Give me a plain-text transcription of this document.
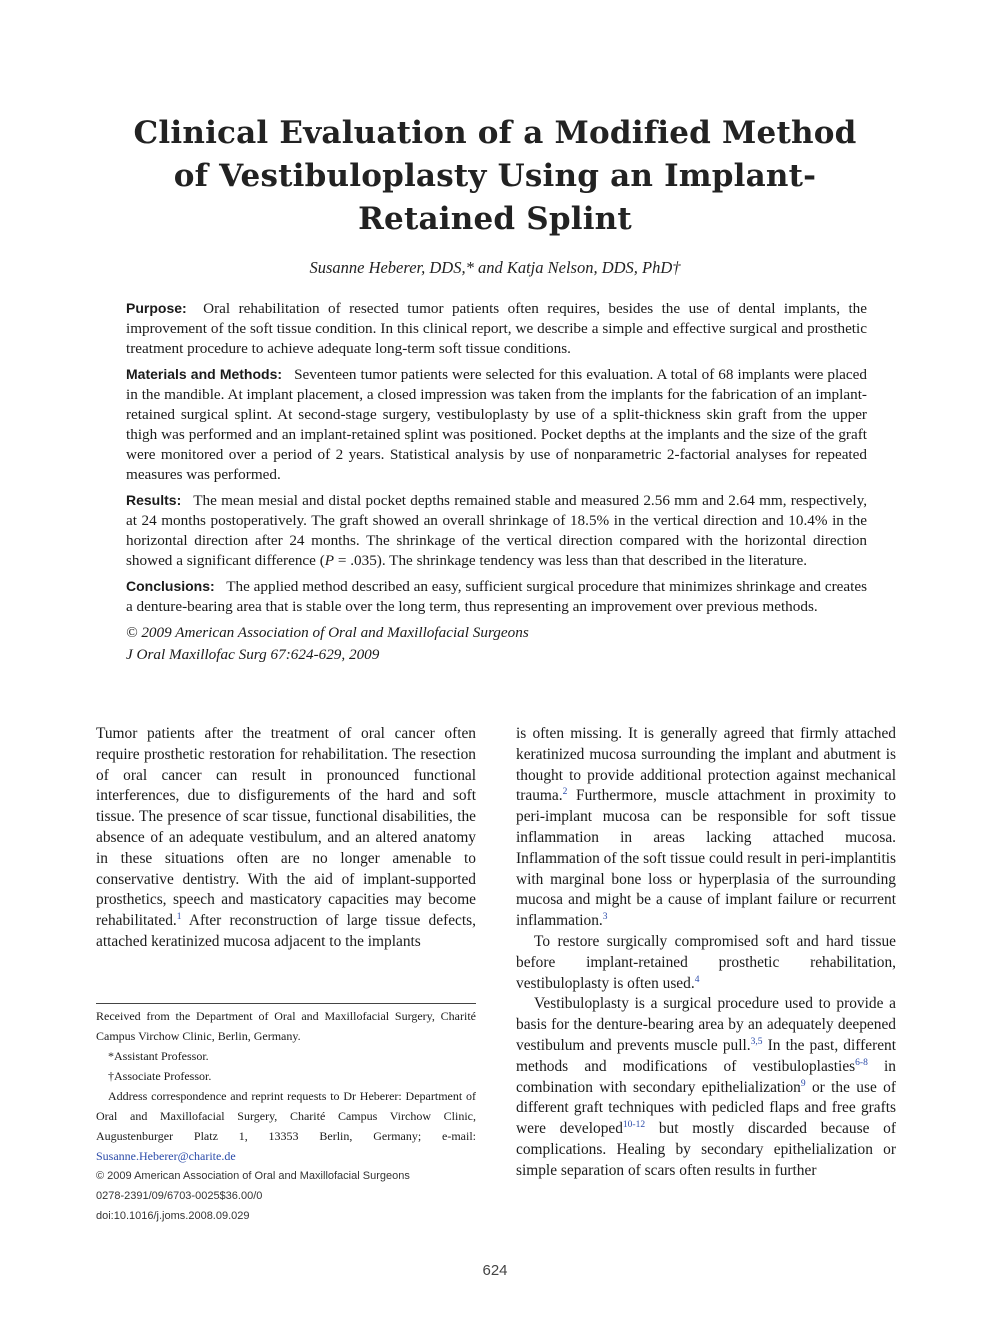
Clinical Evaluation of a Modified Method of Vestibuloplasty Using an Implant-Retained Splint
Susanne Heberer, DDS,* and Katja Nelson, DDS, PhD†

Purpose: Oral rehabilitation of resected tumor patients often requires, besides the use of dental implants, the improvement of the soft tissue condition. In this clinical report, we describe a simple and effective surgical and prosthetic treatment procedure to achieve adequate long-term soft tissue conditions.

Materials and Methods: Seventeen tumor patients were selected for this evaluation. A total of 68 implants were placed in the mandible. At implant placement, a closed impression was taken from the implants for the fabrication of an implant-retained surgical splint. At second-stage surgery, vestibuloplasty by use of a split-thickness skin graft from the upper thigh was performed and an implant-retained splint was positioned. Pocket depths at the implants and the size of the graft were monitored over a period of 2 years. Statistical analysis by use of nonparametric 2-factorial analyses for repeated measures was performed.

Results: The mean mesial and distal pocket depths remained stable and measured 2.56 mm and 2.64 mm, respectively, at 24 months postoperatively. The graft showed an overall shrinkage of 18.5% in the vertical direction and 10.4% in the horizontal direction after 24 months. The shrinkage of the vertical direction compared with the horizontal direction showed a significant difference (P = .035). The shrinkage tendency was less than that described in the literature.

Conclusions: The applied method described an easy, sufficient surgical procedure that minimizes shrinkage and creates a denture-bearing area that is stable over the long term, thus representing an improvement over previous methods.

© 2009 American Association of Oral and Maxillofacial Surgeons

J Oral Maxillofac Surg 67:624-629, 2009

Tumor patients after the treatment of oral cancer often require prosthetic restoration for rehabilitation. The resection of oral cancer can result in pronounced functional interferences, due to disfigurements of the hard and soft tissue. The presence of scar tissue, functional disabilities, the absence of an adequate vestibulum, and an altered anatomy in these situations often are no longer amenable to conservative dentistry. With the aid of implant-supported prosthetics, speech and masticatory capacities may become rehabilitated.$^1$ After reconstruction of large tissue defects, attached keratinized mucosa adjacent to the implants

is often missing. It is generally agreed that firmly attached keratinized mucosa surrounding the implant and abutment is thought to provide additional protection against mechanical trauma.$^2$ Furthermore, muscle attachment in proximity to peri-implant mucosa can be responsible for soft tissue inflammation in areas lacking attached mucosa. Inflammation of the soft tissue could result in peri-implantitis with marginal bone loss or hyperplasia of the surrounding mucosa and might be a cause of implant failure or recurrent inflammation.$^3$

To restore surgically compromised soft and hard tissue before implant-retained prosthetic rehabilitation, vestibuloplasty is often used.$^4$

Vestibuloplasty is a surgical procedure used to provide a basis for the denture-bearing area by an adequately deepened vestibulum and prevents muscle pull.$^{3,5}$ In the past, different methods and modifications of vestibuloplasties$^{6-8}$ in combination with secondary epithelialization$^9$ or the use of different graft techniques with pedicled flaps and free grafts were developed$^{10-12}$ but mostly discarded because of complications. Healing by secondary epithelialization or simple separation of scars often results in further

Received from the Department of Oral and Maxillofacial Surgery, Charité Campus Virchow Clinic, Berlin, Germany.

*Assistant Professor.

†Associate Professor.

Address correspondence and reprint requests to Dr Heberer: Department of Oral and Maxillofacial Surgery, Charité Campus Virchow Clinic, Augustenburger Platz 1, 13353 Berlin, Germany; e-mail: Susanne.Heberer@charite.de

© 2009 American Association of Oral and Maxillofacial Surgeons

0278-2391/09/6703-0025$36.00/0

doi:10.1016/j.joms.2008.09.029

624
